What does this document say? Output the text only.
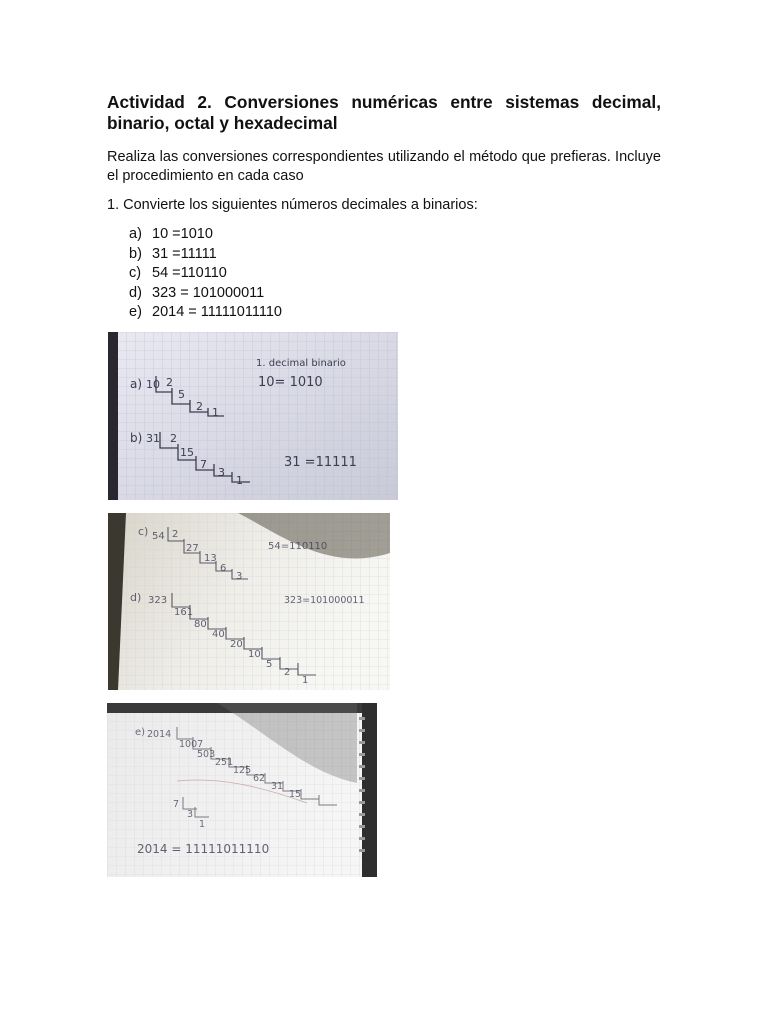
Actividad 2. Conversiones numéricas entre sistemas decimal, binario, octal y hexadecimal

Realiza las conversiones correspondientes utilizando el método que prefieras. Incluye el procedimiento en cada caso

1. Convierte los siguientes números decimales a binarios:

a) 10 =1010
b) 31 =11111
c) 54 =110110
d) 323 = 101000011
e) 2014 = 11111011110
1. decimal binario
a)	10= 1010
10 2
5
2 1
b) 31 2
15
7
3
1
31 =11111
c) 54 2
27
13
6
3
54=110110
d) 323
161
80
40
20
10
5
2
1
323=101000011
e) 2014
1007
503
251
125
62
31
15
7
3
1
2014 = 11111011110
